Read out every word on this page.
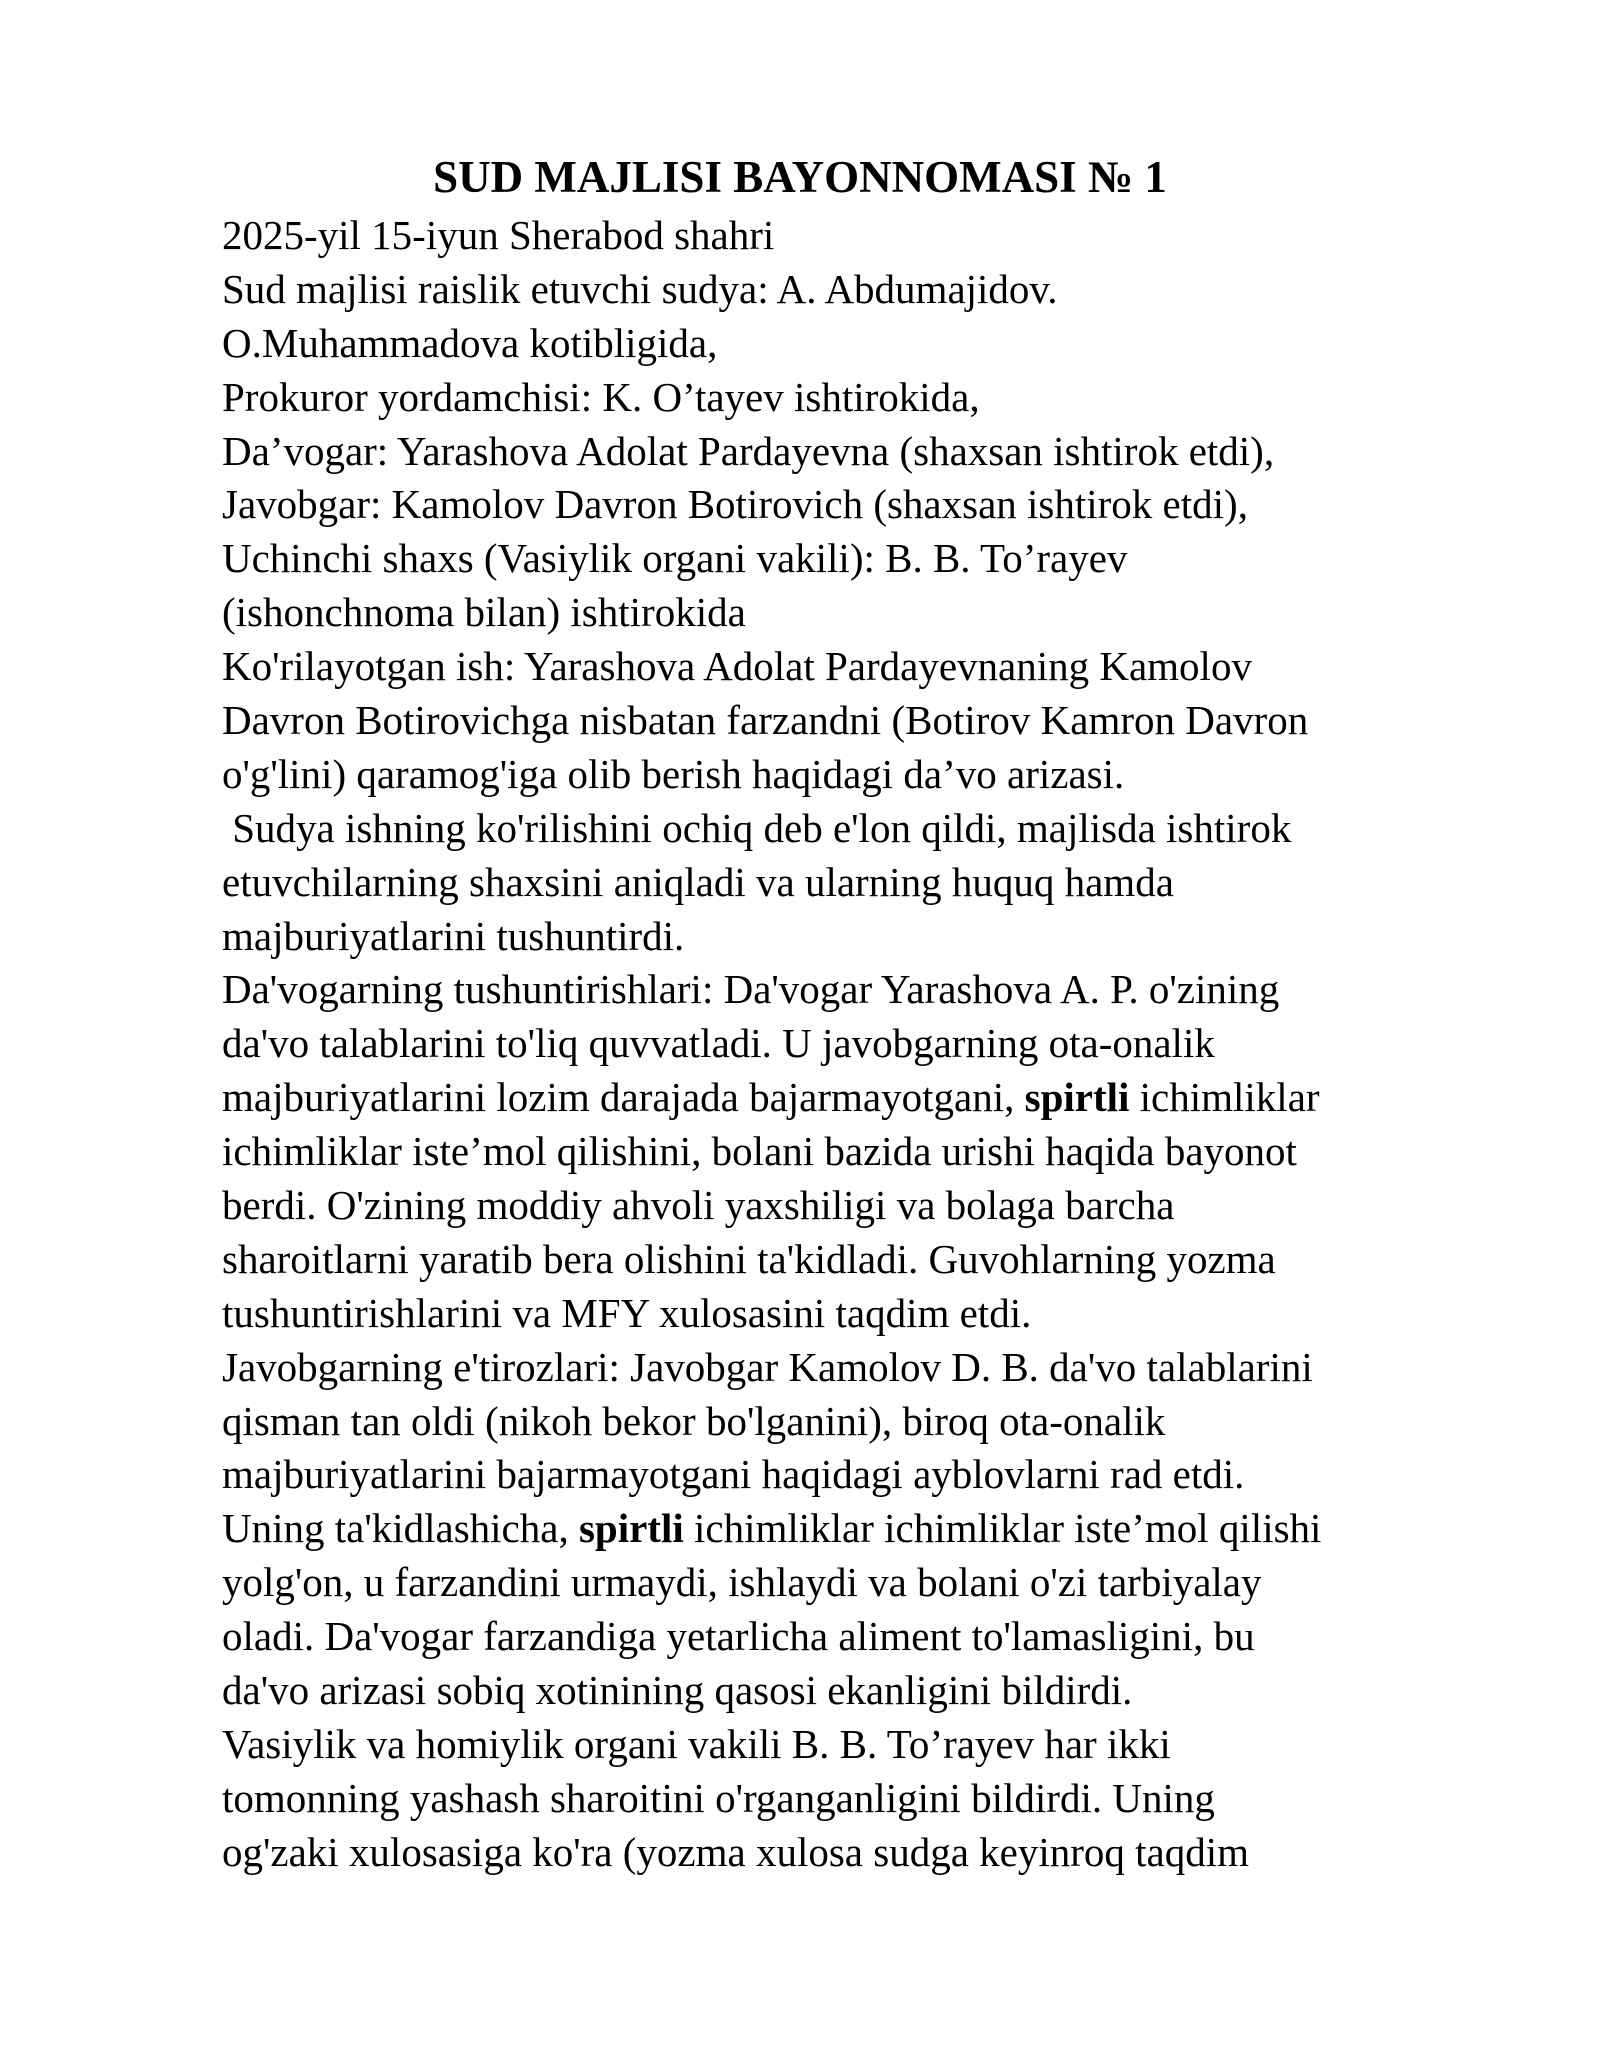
SUD MAJLISI BAYONNOMASI № 1
2025-yil 15-iyun Sherabod shahri
Sud majlisi raislik etuvchi sudya: A. Abdumajidov.
O.Muhammadova kotibligida,
Prokuror yordamchisi: K. O’tayev ishtirokida,
Da’vogar: Yarashova Adolat Pardayevna (shaxsan ishtirok etdi),
Javobgar: Kamolov Davron Botirovich (shaxsan ishtirok etdi),
Uchinchi shaxs (Vasiylik organi vakili): B. B. To’rayev
(ishonchnoma bilan) ishtirokida
Ko'rilayotgan ish: Yarashova Adolat Pardayevnaning Kamolov
Davron Botirovichga nisbatan farzandni (Botirov Kamron Davron
o'g'lini) qaramog'iga olib berish haqidagi da’vo arizasi.
Sudya ishning ko'rilishini ochiq deb e'lon qildi, majlisda ishtirok
etuvchilarning shaxsini aniqladi va ularning huquq hamda
majburiyatlarini tushuntirdi.
Da'vogarning tushuntirishlari: Da'vogar Yarashova A. P. o'zining
da'vo talablarini to'liq quvvatladi. U javobgarning ota-onalik
majburiyatlarini lozim darajada bajarmayotgani, spirtli ichimliklar
ichimliklar iste’mol qilishini, bolani bazida urishi haqida bayonot
berdi. O'zining moddiy ahvoli yaxshiligi va bolaga barcha
sharoitlarni yaratib bera olishini ta'kidladi. Guvohlarning yozma
tushuntirishlarini va MFY xulosasini taqdim etdi.
Javobgarning e'tirozlari: Javobgar Kamolov D. B. da'vo talablarini
qisman tan oldi (nikoh bekor bo'lganini), biroq ota-onalik
majburiyatlarini bajarmayotgani haqidagi ayblovlarni rad etdi.
Uning ta'kidlashicha, spirtli ichimliklar ichimliklar iste’mol qilishi
yolg'on, u farzandini urmaydi, ishlaydi va bolani o'zi tarbiyalay
oladi. Da'vogar farzandiga yetarlicha aliment to'lamasligini, bu
da'vo arizasi sobiq xotinining qasosi ekanligini bildirdi.
Vasiylik va homiylik organi vakili B. B. To’rayev har ikki
tomonning yashash sharoitini o'rganganligini bildirdi. Uning
og'zaki xulosasiga ko'ra (yozma xulosa sudga keyinroq taqdim
